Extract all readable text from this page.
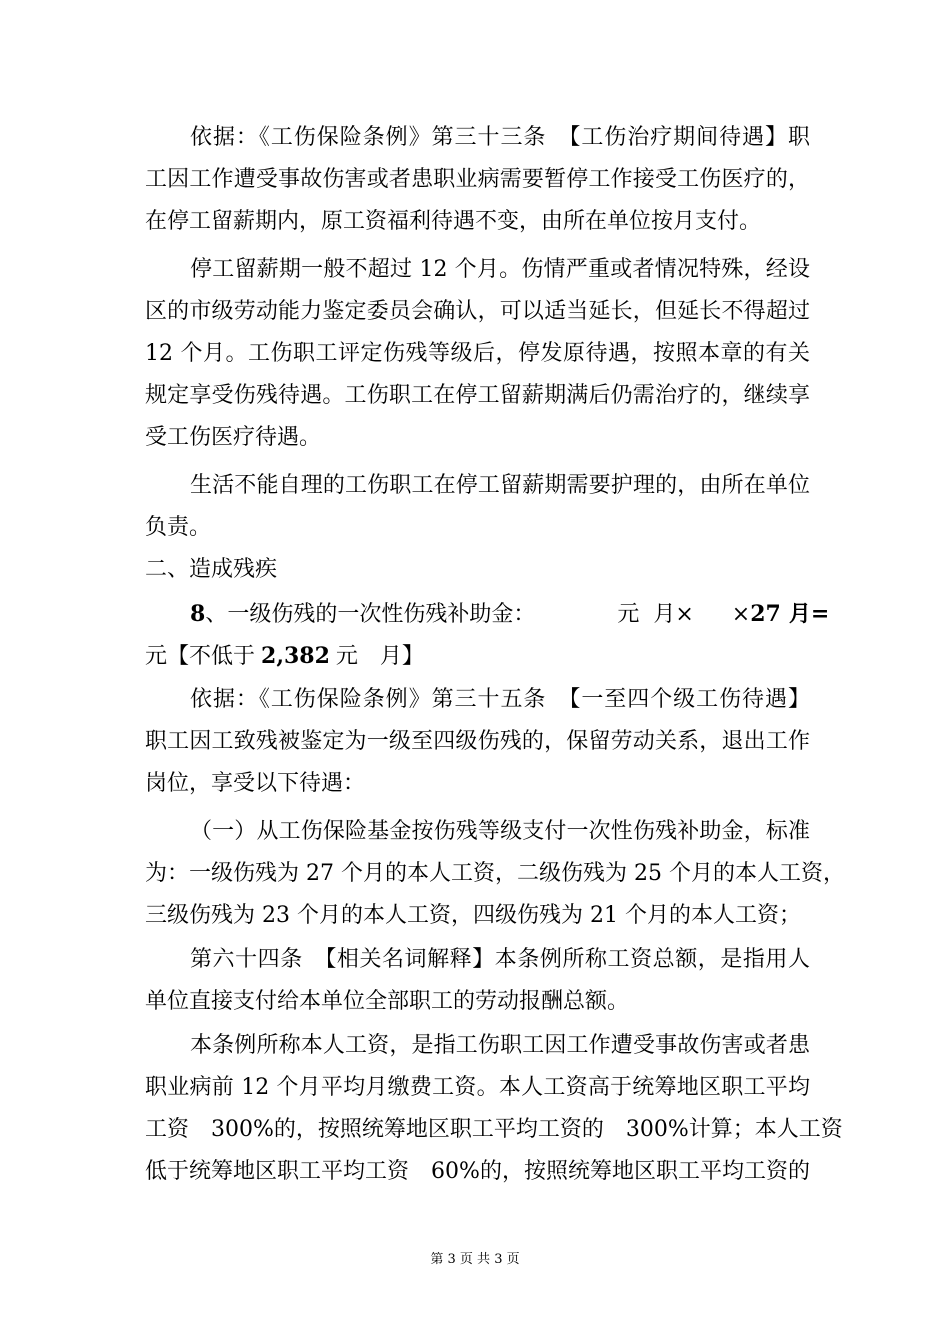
依据：《工伤保险条例》第三十三条　【工伤治疗期间待遇】职
工因工作遭受事故伤害或者患职业病需要暂停工作接受工伤医疗的，
在停工留薪期内，原工资福利待遇不变，由所在单位按月支付。
停工留薪期一般不超过 12 个月。伤情严重或者情况特殊，经设
区的市级劳动能力鉴定委员会确认，可以适当延长，但延长不得超过
12 个月。工伤职工评定伤残等级后，停发原待遇，按照本章的有关
规定享受伤残待遇。工伤职工在停工留薪期满后仍需治疗的，继续享
受工伤医疗待遇。
生活不能自理的工伤职工在停工留薪期需要护理的，由所在单位
负责。
二、造成残疾
8、一级伤残的一次性伤残补助金：	元 月× ×27 月=
元【不低于 2,382 元　月】
依据：《工伤保险条例》第三十五条　【一至四个级工伤待遇】
职工因工致残被鉴定为一级至四级伤残的，保留劳动关系，退出工作
岗位，享受以下待遇：
（一）从工伤保险基金按伤残等级支付一次性伤残补助金，标准
为：一级伤残为 27 个月的本人工资，二级伤残为 25 个月的本人工资，
三级伤残为 23 个月的本人工资，四级伤残为 21 个月的本人工资；
第六十四条　【相关名词解释】本条例所称工资总额，是指用人
单位直接支付给本单位全部职工的劳动报酬总额。
本条例所称本人工资，是指工伤职工因工作遭受事故伤害或者患
职业病前 12 个月平均月缴费工资。本人工资高于统筹地区职工平均
工资　300%的，按照统筹地区职工平均工资的　300%计算；本人工资
低于统筹地区职工平均工资　60%的，按照统筹地区职工平均工资的
第 3 页 共 3 页
